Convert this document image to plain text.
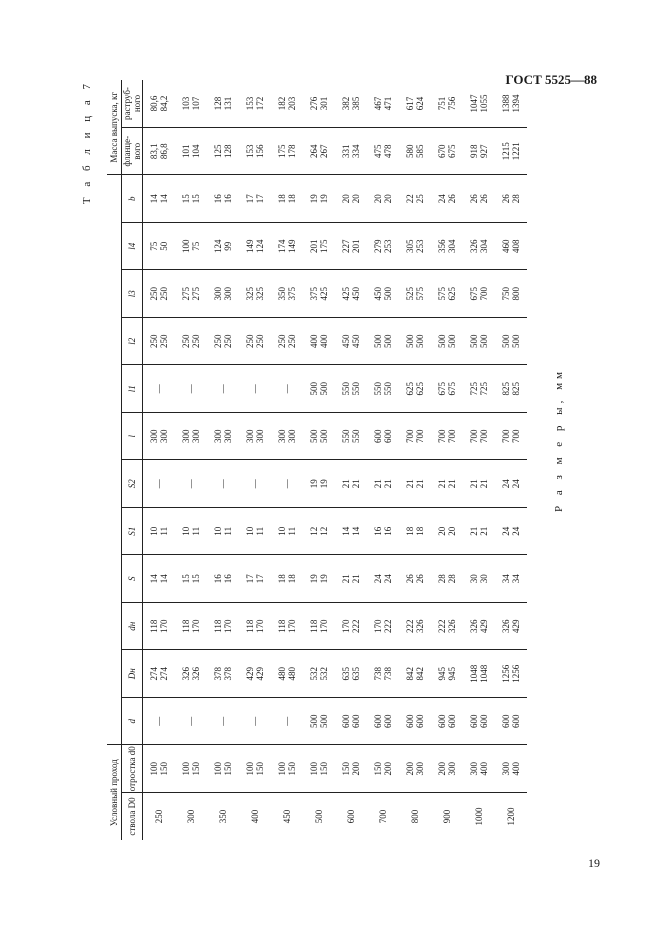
ГОСТ 5525—88
Т а б л и ц а 7
Р а з м е р ы, мм
Условный проход														Масса выпуска, кг	
ствола D0	отростка d0	d	Dн	dн	S	S1	S2	l	l1	l2	l3	l4	b	фланце-вого	раструб-ного
250	100 150	—	274 274	118 170	14 14	10 11	—	300 300	—	250 250	250 250	75 50	14 14	83,1 86,8	80,6 84,2

300	100 150	—	326 326	118 170	15 15	10 11	—	300 300	—	250 250	275 275	100 75	15 15	101 104	103 107

350	100 150	—	378 378	118 170	16 16	10 11	—	300 300	—	250 250	300 300	124 99	16 16	125 128	128 131

400	100 150	—	429 429	118 170	17 17	10 11	—	300 300	—	250 250	325 325	149 124	17 17	153 156	153 172

450	100 150	—	480 480	118 170	18 18	10 11	—	300 300	—	250 250	350 375	174 149	18 18	175 178	182 203

500	100 150	500 500	532 532	118 170	19 19	12 12	19 19	500 500	500 500	400 400	375 425	201 175	19 19	264 267	276 301

600	150 200	600 600	635 635	170 222	21 21	14 14	21 21	550 550	550 550	450 450	425 450	227 201	20 20	331 334	382 385

700	150 200	600 600	738 738	170 222	24 24	16 16	21 21	600 600	550 550	500 500	450 500	279 253	20 20	475 478	467 471

800	200 300	600 600	842 842	222 326	26 26	18 18	21 21	700 700	625 625	500 500	525 575	305 253	22 25	580 585	617 624

900	200 300	600 600	945 945	222 326	28 28	20 20	21 21	700 700	675 675	500 500	575 625	356 304	24 26	670 675	751 756

1000	300 400	600 600	1048 1048	326 429	30 30	21 21	21 21	700 700	725 725	500 500	675 700	326 304	26 26	918 927	1047 1055

1200	300 400	600 600	1256 1256	326 429	34 34	24 24	24 24	700 700	825 825	500 500	750 800	460 408	26 28	1215 1221	1388 1394
19
